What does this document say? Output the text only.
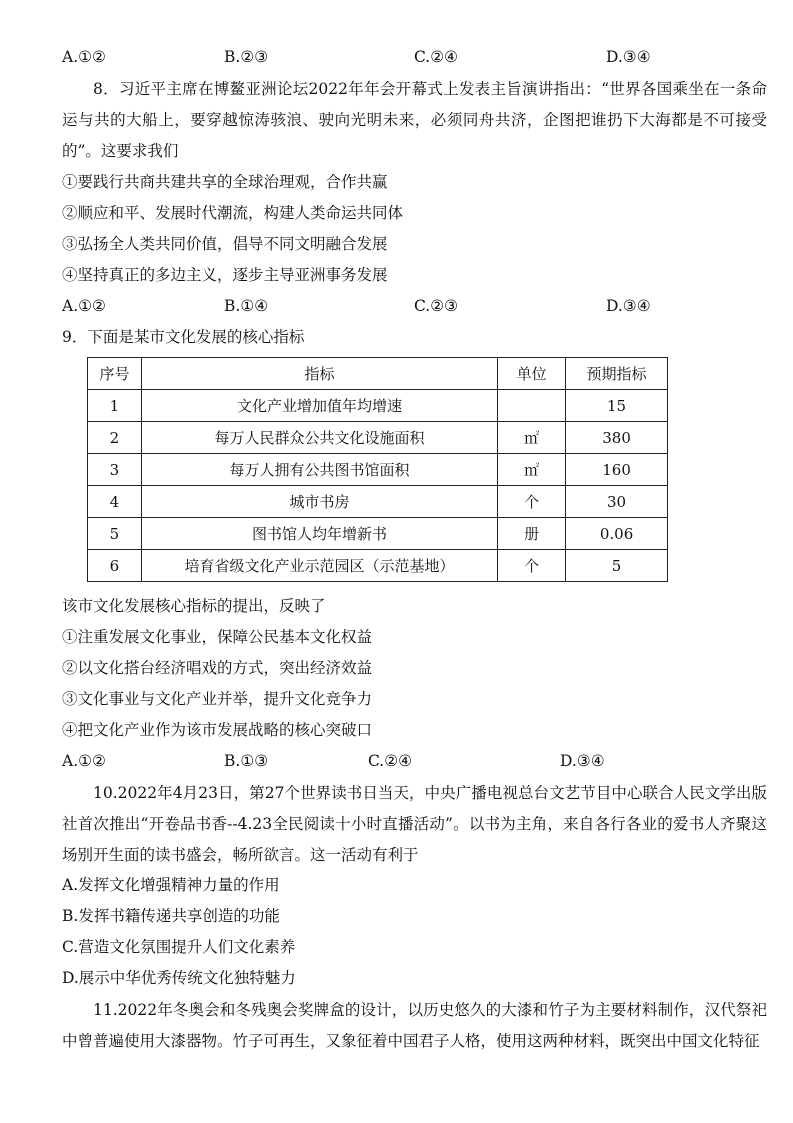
A.①②	B.②③	C.②④	D.③④
8．习近平主席在博鳌亚洲论坛2022年年会开幕式上发表主旨演讲指出：“世界各国乘坐在一条命运与共的大船上，要穿越惊涛骇浪、驶向光明未来，必须同舟共济，企图把谁扔下大海都是不可接受的”。这要求我们
①要践行共商共建共享的全球治理观，合作共赢
②顺应和平、发展时代潮流，构建人类命运共同体
③弘扬全人类共同价值，倡导不同文明融合发展
④坚持真正的多边主义，逐步主导亚洲事务发展
A.①②	B.①④	C.②③	D.③④
9．下面是某市文化发展的核心指标
序号	指标	单位	预期指标
1	文化产业增加值年均增速		15
2	每万人民群众公共文化设施面积	㎡	380
3	每万人拥有公共图书馆面积	㎡	160
4	城市书房	个	30
5	图书馆人均年增新书	册	0.06
6	培育省级文化产业示范园区（示范基地）	个	5
该市文化发展核心指标的提出，反映了
①注重发展文化事业，保障公民基本文化权益
②以文化搭台经济唱戏的方式，突出经济效益
③文化事业与文化产业并举，提升文化竞争力
④把文化产业作为该市发展战略的核心突破口
A.①②	B.①③	C.②④	D.③④
10.2022年4月23日，第27个世界读书日当天，中央广播电视总台文艺节目中心联合人民文学出版社首次推出“开卷品书香--4.23全民阅读十小时直播活动”。以书为主角，来自各行各业的爱书人齐聚这场别开生面的读书盛会，畅所欲言。这一活动有利于
A.发挥文化增强精神力量的作用
B.发挥书籍传递共享创造的功能
C.营造文化氛围提升人们文化素养
D.展示中华优秀传统文化独特魅力
11.2022年冬奥会和冬残奥会奖牌盒的设计，以历史悠久的大漆和竹子为主要材料制作，汉代祭祀中曾普遍使用大漆器物。竹子可再生，又象征着中国君子人格，使用这两种材料，既突出中国文化特征
